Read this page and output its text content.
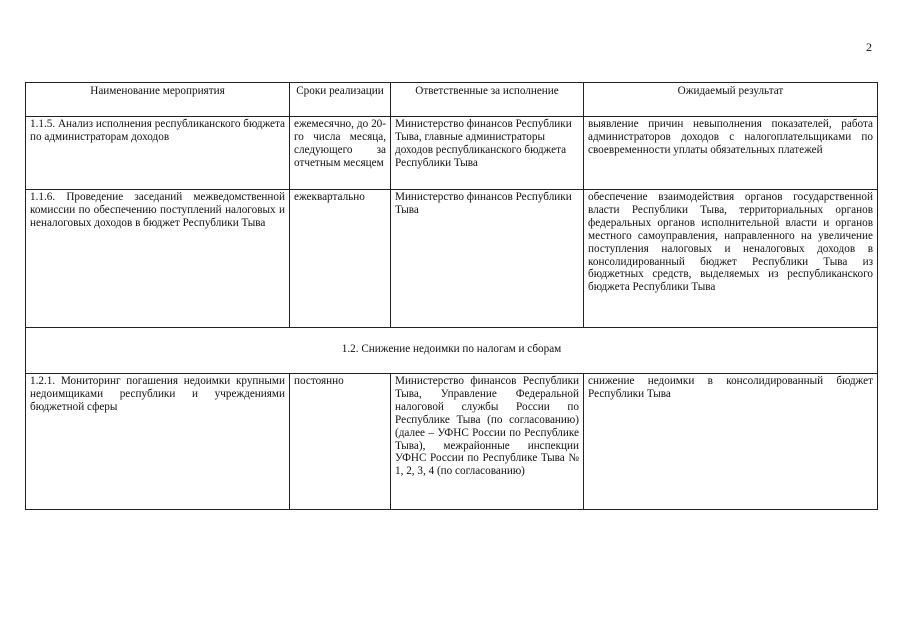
2
Наименование мероприятия	Сроки реализации	Ответственные за исполнение	Ожидаемый результат
1.1.5. Анализ исполнения республиканского бюджета по администраторам доходов	ежемесячно, до 20-го числа месяца, следующего за отчетным месяцем	Министерство финансов Республики Тыва, главные администраторы доходов республиканского бюджета Республики Тыва	выявление причин невыполнения показателей, работа администраторов доходов с налогоплательщиками по своевременности уплаты обязательных платежей
1.1.6. Проведение заседаний межведомственной комиссии по обеспечению поступлений налоговых и неналоговых доходов в бюджет Республики Тыва	ежеквартально	Министерство финансов Республики Тыва	обеспечение взаимодействия органов государственной власти Республики Тыва, территориальных органов федеральных органов исполнительной власти и органов местного самоуправления, направленного на увеличение поступления налоговых и неналоговых доходов в консолидированный бюджет Республики Тыва из бюджетных средств, выделяемых из республиканского бюджета Республики Тыва
1.2. Снижение недоимки по налогам и сборам			
1.2.1. Мониторинг погашения недоимки крупными недоимщиками республики и учреждениями бюджетной сферы	постоянно	Министерство финансов Республики Тыва, Управление Федеральной налоговой службы России по Республике Тыва (по согласованию) (далее – УФНС России по Республике Тыва), межрайонные инспекции УФНС России по Республике Тыва № 1, 2, 3, 4 (по согласованию)	снижение недоимки в консолидированный бюджет Республики Тыва
